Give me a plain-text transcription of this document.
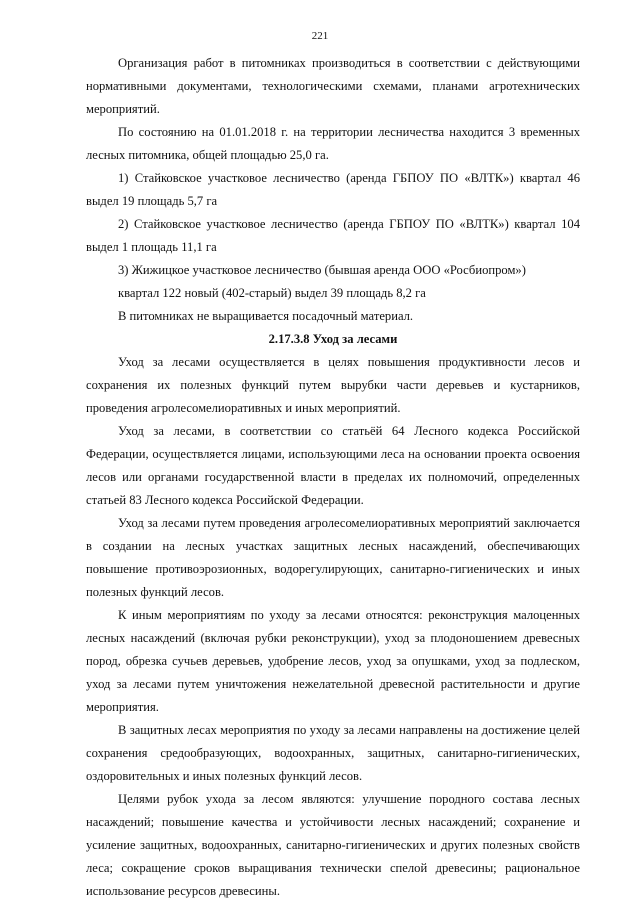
221

Организация работ в питомниках производиться в соответствии с действующими нормативными документами, технологическими схемами, планами агротехнических мероприятий.

По состоянию на 01.01.2018 г. на территории лесничества находится 3 временных лесных питомника, общей площадью 25,0 га.

1) Стайковское участковое лесничество (аренда ГБПОУ ПО «ВЛТК») квартал 46 выдел 19 площадь 5,7 га

2) Стайковское участковое лесничество (аренда ГБПОУ ПО «ВЛТК») квартал 104 выдел 1 площадь 11,1 га

3) Жижицкое участковое лесничество (бывшая аренда ООО «Росбиопром»)

квартал 122 новый (402-старый) выдел 39 площадь 8,2 га

В питомниках не выращивается посадочный материал.

2.17.3.8 Уход за лесами

Уход за лесами осуществляется в целях повышения продуктивности лесов и сохранения их полезных функций путем вырубки части деревьев и кустарников, проведения агролесомелиоративных и иных мероприятий.

Уход за лесами, в соответствии со статьёй 64 Лесного кодекса Российской Федерации, осуществляется лицами, использующими леса на основании проекта освоения лесов или органами государственной власти в пределах их полномочий, определенных статьей 83 Лесного кодекса Российской Федерации.

Уход за лесами путем проведения агролесомелиоративных мероприятий заключается в создании на лесных участках защитных лесных насаждений, обеспечивающих повышение противоэрозионных, водорегулирующих, санитарно-гигиенических и иных полезных функций лесов.

К иным мероприятиям по уходу за лесами относятся: реконструкция малоценных лесных насаждений (включая рубки реконструкции), уход за плодоношением древесных пород, обрезка сучьев деревьев, удобрение лесов, уход за опушками, уход за подлеском, уход за лесами путем уничтожения нежелательной древесной растительности и другие мероприятия.

В защитных лесах мероприятия по уходу за лесами направлены на достижение целей сохранения средообразующих, водоохранных, защитных, санитарно-гигиенических, оздоровительных и иных полезных функций лесов.

Целями рубок ухода за лесом являются: улучшение породного состава лесных насаждений; повышение качества и устойчивости лесных насаждений; сохранение и усиление защитных, водоохранных, санитарно-гигиенических и других полезных свойств леса; сокращение сроков выращивания технически спелой древесины; рациональное использование ресурсов древесины.
